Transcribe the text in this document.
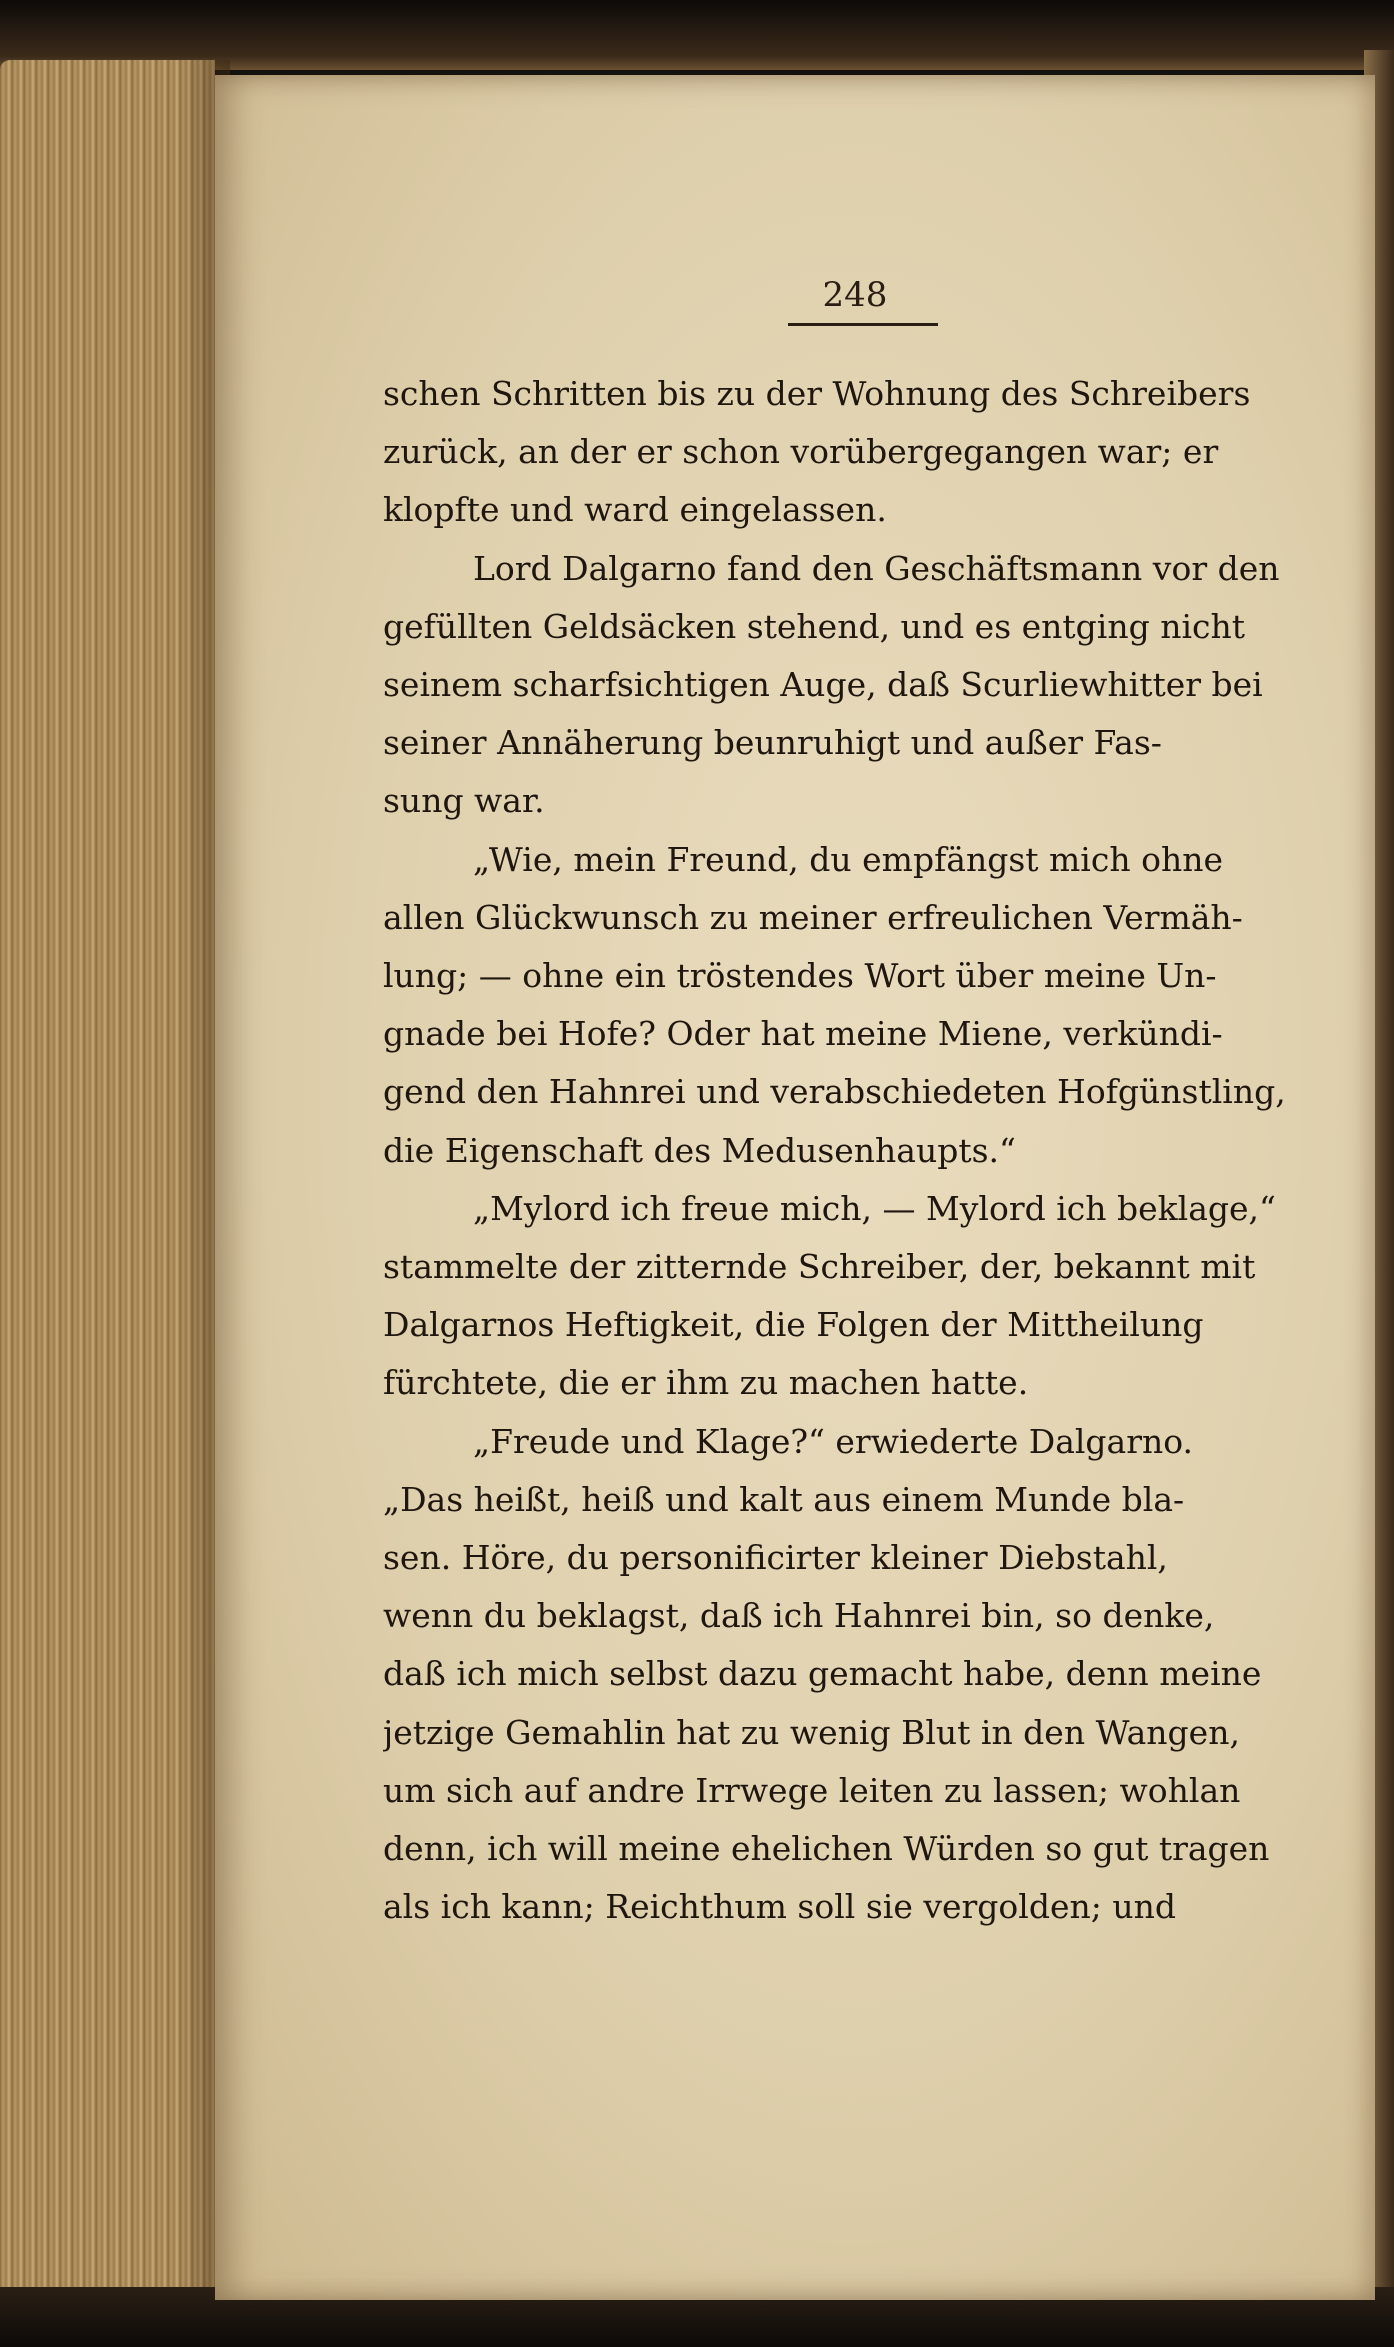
248
schen Schritten bis zu der Wohnung des Schreibers
zurück, an der er schon vorübergegangen war; er
klopfte und ward eingelassen.
Lord Dalgarno fand den Geschäftsmann vor den
gefüllten Geldsäcken stehend, und es entging nicht
seinem scharfsichtigen Auge, daß Scurliewhitter bei
seiner Annäherung beunruhigt und außer Fas-
sung war.
„Wie, mein Freund, du empfängst mich ohne
allen Glückwunsch zu meiner erfreulichen Vermäh-
lung; — ohne ein tröstendes Wort über meine Un-
gnade bei Hofe? Oder hat meine Miene, verkündi-
gend den Hahnrei und verabschiedeten Hofgünstling,
die Eigenschaft des Medusenhaupts.“
„Mylord ich freue mich, — Mylord ich beklage,“
stammelte der zitternde Schreiber, der, bekannt mit
Dalgarnos Heftigkeit, die Folgen der Mittheilung
fürchtete, die er ihm zu machen hatte.
„Freude und Klage?“ erwiederte Dalgarno.
„Das heißt, heiß und kalt aus einem Munde bla-
sen. Höre, du personificirter kleiner Diebstahl,
wenn du beklagst, daß ich Hahnrei bin, so denke,
daß ich mich selbst dazu gemacht habe, denn meine
jetzige Gemahlin hat zu wenig Blut in den Wangen,
um sich auf andre Irrwege leiten zu lassen; wohlan
denn, ich will meine ehelichen Würden so gut tragen
als ich kann; Reichthum soll sie vergolden; und
